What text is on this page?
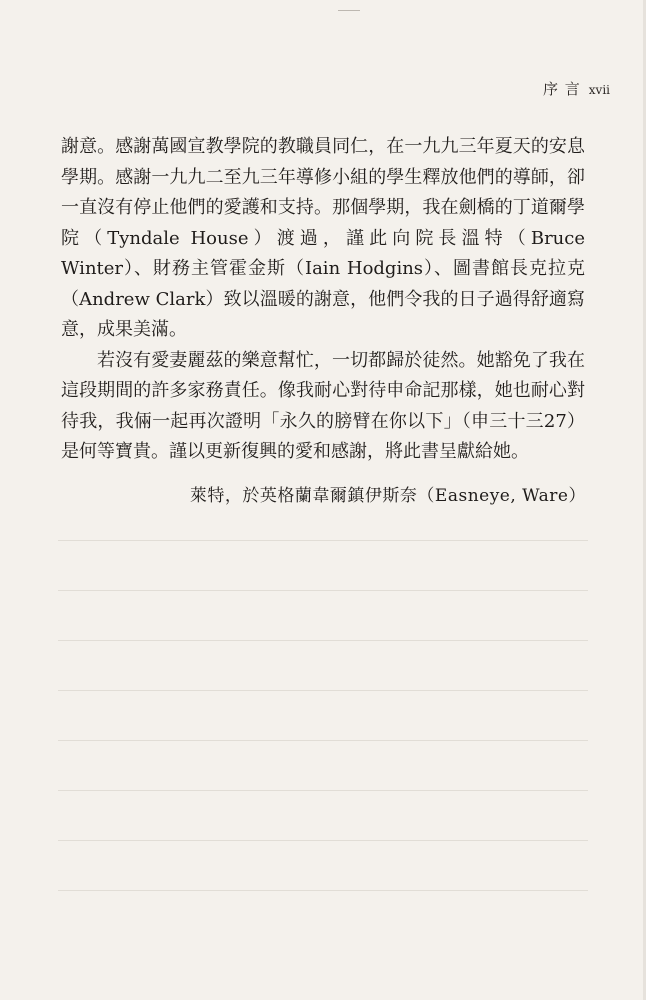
序 言 xvii

謝意。感謝萬國宣教學院的教職員同仁，在一九九三年夏天的安息學期。感謝一九九二至九三年導修小組的學生釋放他們的導師，卻一直沒有停止他們的愛護和支持。那個學期，我在劍橋的丁道爾學院（Tyndale House）渡過，謹此向院長溫特（Bruce Winter）、財務主管霍金斯（Iain Hodgins）、圖書館長克拉克（Andrew Clark）致以溫暖的謝意，他們令我的日子過得舒適寫意，成果美滿。

若沒有愛妻麗茲的樂意幫忙，一切都歸於徒然。她豁免了我在這段期間的許多家務責任。像我耐心對待申命記那樣，她也耐心對待我，我倆一起再次證明「永久的膀臂在你以下」（申三十三27）是何等寶貴。謹以更新復興的愛和感謝，將此書呈獻給她。

萊特，於英格蘭韋爾鎮伊斯奈（Easneye, Ware）
